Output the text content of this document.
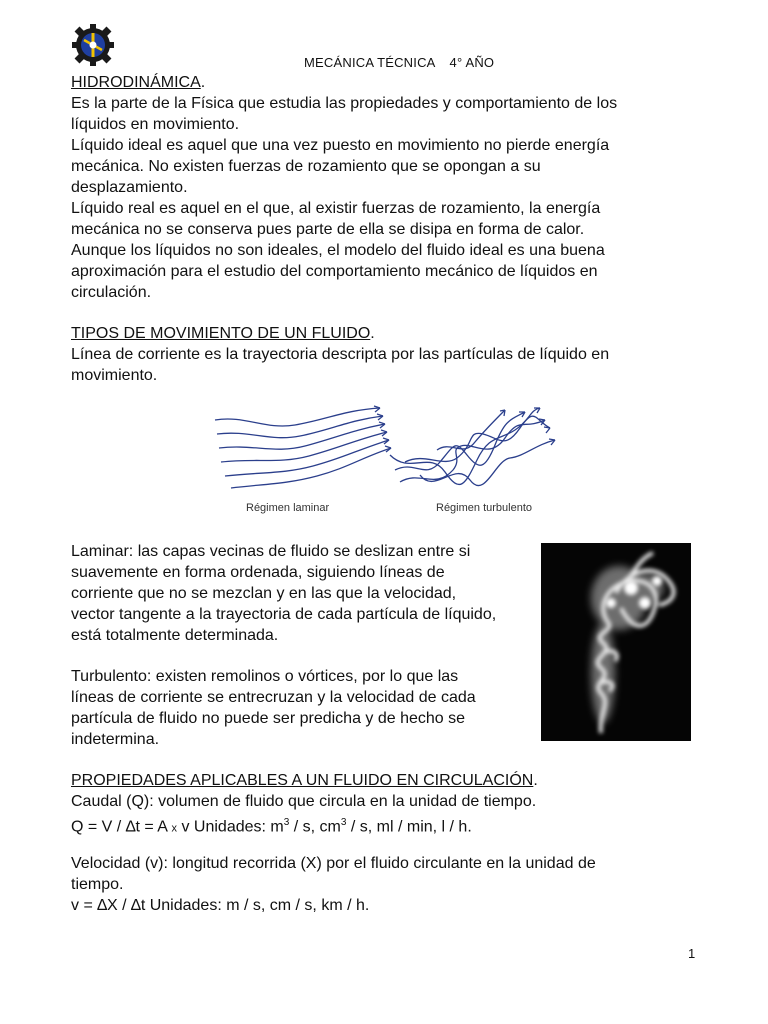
MECÁNICA TÉCNICA 4° AÑO
HIDRODINÁMICA.
Es la parte de la Física que estudia las propiedades y comportamiento de los
líquidos en movimiento.
Líquido ideal es aquel que una vez puesto en movimiento no pierde energía
mecánica. No existen fuerzas de rozamiento que se opongan a su
desplazamiento.
Líquido real es aquel en el que, al existir fuerzas de rozamiento, la energía
mecánica no se conserva pues parte de ella se disipa en forma de calor.
Aunque los líquidos no son ideales, el modelo del fluido ideal es una buena
aproximación para el estudio del comportamiento mecánico de líquidos en
circulación.
TIPOS DE MOVIMIENTO DE UN FLUIDO.
Línea de corriente es la trayectoria descripta por las partículas de líquido en
movimiento.
Régimen laminar	Régimen turbulento
Laminar: las capas vecinas de fluido se deslizan entre si
suavemente en forma ordenada, siguiendo líneas de
corriente que no se mezclan y en las que la velocidad,
vector tangente a la trayectoria de cada partícula de líquido,
está totalmente determinada.
Turbulento: existen remolinos o vórtices, por lo que las
líneas de corriente se entrecruzan y la velocidad de cada
partícula de fluido no puede ser predicha y de hecho se
indetermina.
PROPIEDADES APLICABLES A UN FLUIDO EN CIRCULACIÓN.
Caudal (Q): volumen de fluido que circula en la unidad de tiempo.
Q = V / ∆t = A x v Unidades: $m^3$ / s, $cm^3$ / s, ml / min, l / h.
Velocidad (v): longitud recorrida (X) por el fluido circulante en la unidad de
tiempo.
v = ∆X / ∆t Unidades: m / s, cm / s, km / h.
1
